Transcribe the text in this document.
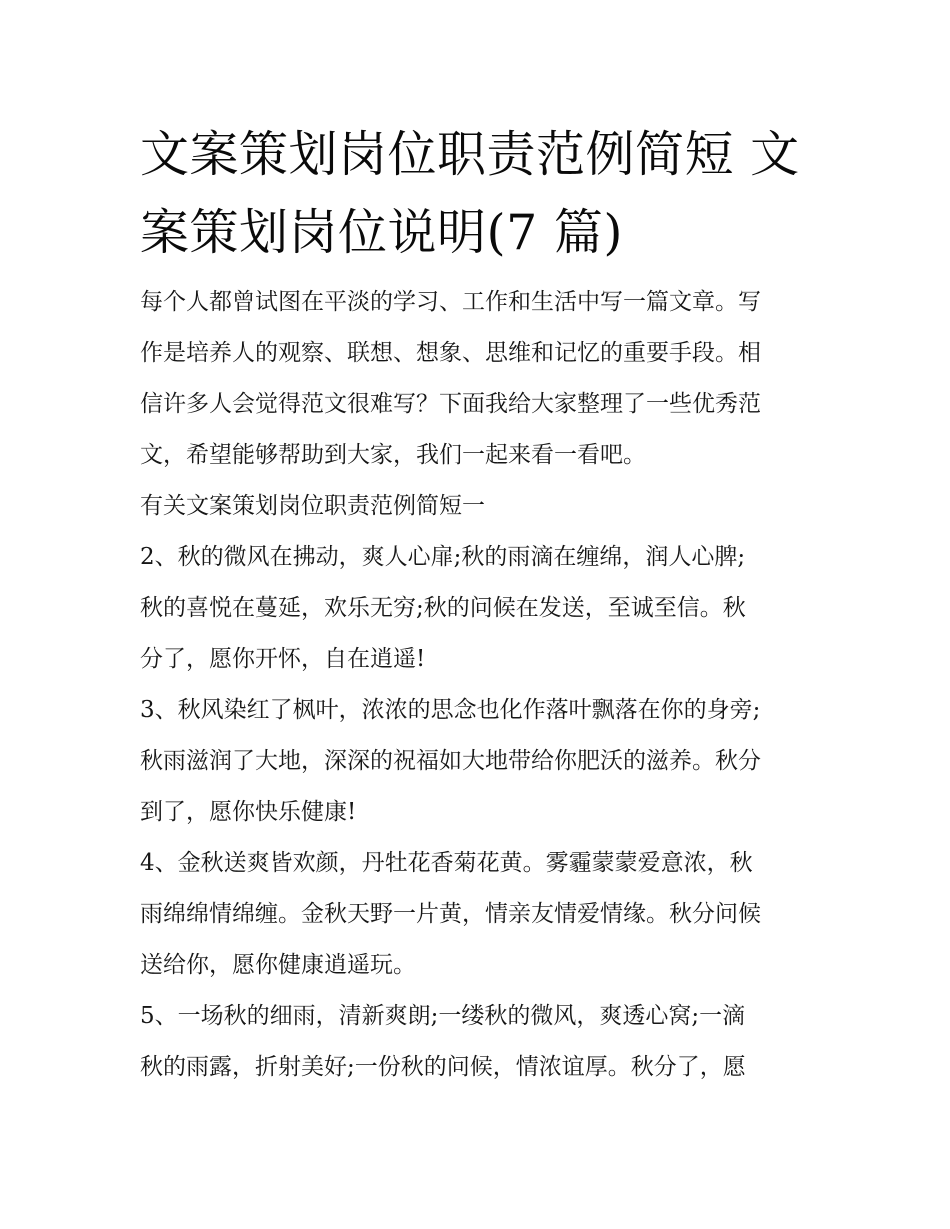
文案策划岗位职责范例简短 文
案策划岗位说明(7 篇)
每个人都曾试图在平淡的学习、工作和生活中写一篇文章。写
作是培养人的观察、联想、想象、思维和记忆的重要手段。相
信许多人会觉得范文很难写？下面我给大家整理了一些优秀范
文，希望能够帮助到大家，我们一起来看一看吧。
有关文案策划岗位职责范例简短一
2、秋的微风在拂动，爽人心扉;秋的雨滴在缠绵，润人心脾;
秋的喜悦在蔓延，欢乐无穷;秋的问候在发送，至诚至信。秋
分了，愿你开怀，自在逍遥!
3、秋风染红了枫叶，浓浓的思念也化作落叶飘落在你的身旁;
秋雨滋润了大地，深深的祝福如大地带给你肥沃的滋养。秋分
到了，愿你快乐健康!
4、金秋送爽皆欢颜，丹牡花香菊花黄。雾霾蒙蒙爱意浓，秋
雨绵绵情绵缠。金秋天野一片黄，情亲友情爱情缘。秋分问候
送给你，愿你健康逍遥玩。
5、一场秋的细雨，清新爽朗;一缕秋的微风，爽透心窝;一滴
秋的雨露，折射美好;一份秋的问候，情浓谊厚。秋分了，愿
